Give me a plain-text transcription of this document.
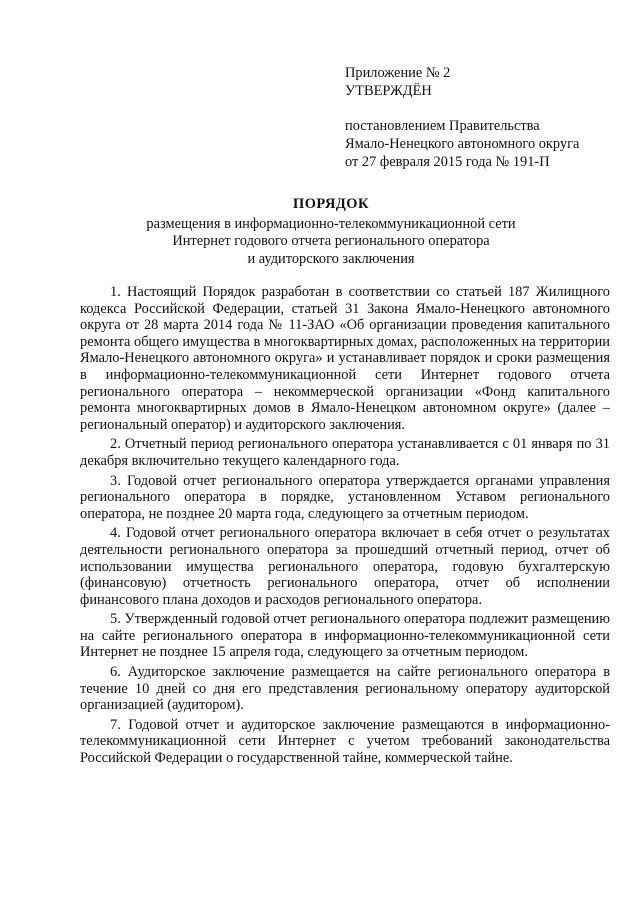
Приложение № 2
УТВЕРЖДЁН
постановлением Правительства
Ямало-Ненецкого автономного округа
от 27 февраля 2015 года № 191-П
ПОРЯДОК
размещения в информационно-телекоммуникационной сети
Интернет годового отчета регионального оператора
и аудиторского заключения

1. Настоящий Порядок разработан в соответствии со статьей 187 Жилищного кодекса Российской Федерации, статьей 31 Закона Ямало-Ненецкого автономного округа от 28 марта 2014 года № 11-ЗАО «Об организации проведения капитального ремонта общего имущества в многоквартирных домах, расположенных на территории Ямало-Ненецкого автономного округа» и устанавливает порядок и сроки размещения в информационно-телекоммуникационной сети Интернет годового отчета регионального оператора – некоммерческой организации «Фонд капитального ремонта многоквартирных домов в Ямало-Ненецком автономном округе» (далее – региональный оператор) и аудиторского заключения.

2. Отчетный период регионального оператора устанавливается с 01 января по 31 декабря включительно текущего календарного года.

3. Годовой отчет регионального оператора утверждается органами управления регионального оператора в порядке, установленном Уставом регионального оператора, не позднее 20 марта года, следующего за отчетным периодом.

4. Годовой отчет регионального оператора включает в себя отчет о результатах деятельности регионального оператора за прошедший отчетный период, отчет об использовании имущества регионального оператора, годовую бухгалтерскую (финансовую) отчетность регионального оператора, отчет об исполнении финансового плана доходов и расходов регионального оператора.

5. Утвержденный годовой отчет регионального оператора подлежит размещению на сайте регионального оператора в информационно-телекоммуникационной сети Интернет не позднее 15 апреля года, следующего за отчетным периодом.

6. Аудиторское заключение размещается на сайте регионального оператора в течение 10 дней со дня его представления региональному оператору аудиторской организацией (аудитором).

7. Годовой отчет и аудиторское заключение размещаются в информационно-телекоммуникационной сети Интернет с учетом требований законодательства Российской Федерации о государственной тайне, коммерческой тайне.
